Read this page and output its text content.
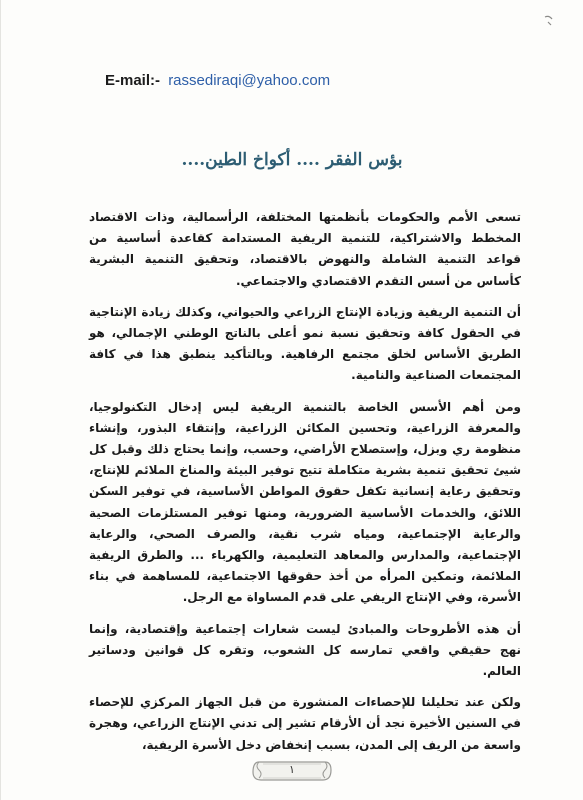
E-mail:- rassediraqi@yahoo.com
بؤس الفقر .... أكواخ الطين....

تسعى الأمم والحكومات بأنظمتها المختلفة، الرأسمالية، وذات الاقتصاد المخطط والاشتراكية، للتنمية الريفية المستدامة كقاعدة أساسية من قواعد التنمية الشاملة والنهوض بالاقتصاد، وتحقيق التنمية البشرية كأساس من أسس التقدم الاقتصادي والاجتماعي.

أن التنمية الريفية وزيادة الإنتاج الزراعي والحيواني، وكذلك زيادة الإنتاجية في الحقول كافة وتحقيق نسبة نمو أعلى بالناتج الوطني الإجمالي، هو الطريق الأساس لخلق مجتمع الرفاهية. وبالتأكيد ينطبق هذا في كافة المجتمعات الصناعية والنامية.

ومن أهم الأسس الخاصة بالتنمية الريفية ليس إدخال التكنولوجيا، والمعرفة الزراعية، وتحسين المكائن الزراعية، وإنتقاء البذور، وإنشاء منظومة ري وبزل، وإستصلاح الأراضي، وحسب، وإنما يحتاج ذلك وقبل كل شيئ تحقيق تنمية بشرية متكاملة تتيح توفير البيئة والمناخ الملائم للإنتاج، وتحقيق رعاية إنسانية تكفل حقوق المواطن الأساسية، في توفير السكن اللائق، والخدمات الأساسية الضرورية، ومنها توفير المستلزمات الصحية والرعاية الإجتماعية، ومياه شرب نقية، والصرف الصحي، والرعاية الإجتماعية، والمدارس والمعاهد التعليمية، والكهرباء ... والطرق الريفية الملائمة، وتمكين المرأه من أخذ حقوقها الاجتماعية، للمساهمة في بناء الأسرة، وفي الإنتاج الريفي على قدم المساواة مع الرجل.

أن هذه الأطروحات والمبادئ ليست شعارات إجتماعية وإقتصادية، وإنما نهج حقيقي واقعي تمارسه كل الشعوب، وتقره كل قوانين ودساتير العالم.

ولكن عند تحليلنا للإحصاءات المنشورة من قبل الجهاز المركزي للإحصاء في السنين الأخيرة نجد أن الأرقام تشير إلى تدني الإنتاج الزراعي، وهجرة واسعة من الريف إلى المدن، بسبب إنخفاض دخل الأسرة الريفية،

١
